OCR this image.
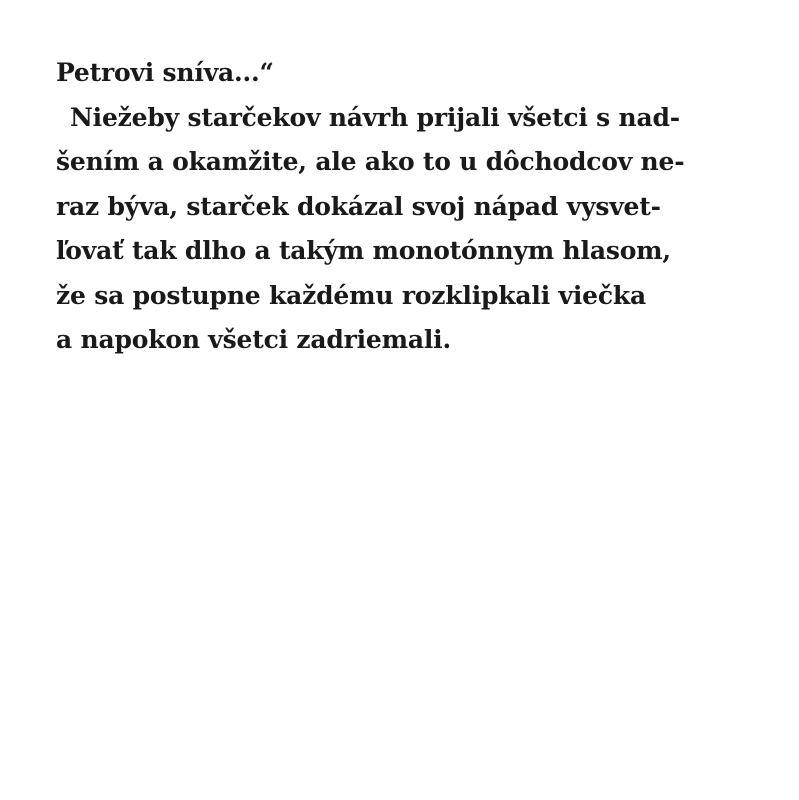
Petrovi sníva...“
Niežeby starčekov návrh prijali všetci s nad-
šením a okamžite, ale ako to u dôchodcov ne-
raz býva, starček dokázal svoj nápad vysvet-
ľovať tak dlho a takým monotónnym hlasom,
že sa postupne každému rozklipkali viečka
a napokon všetci zadriemali.
